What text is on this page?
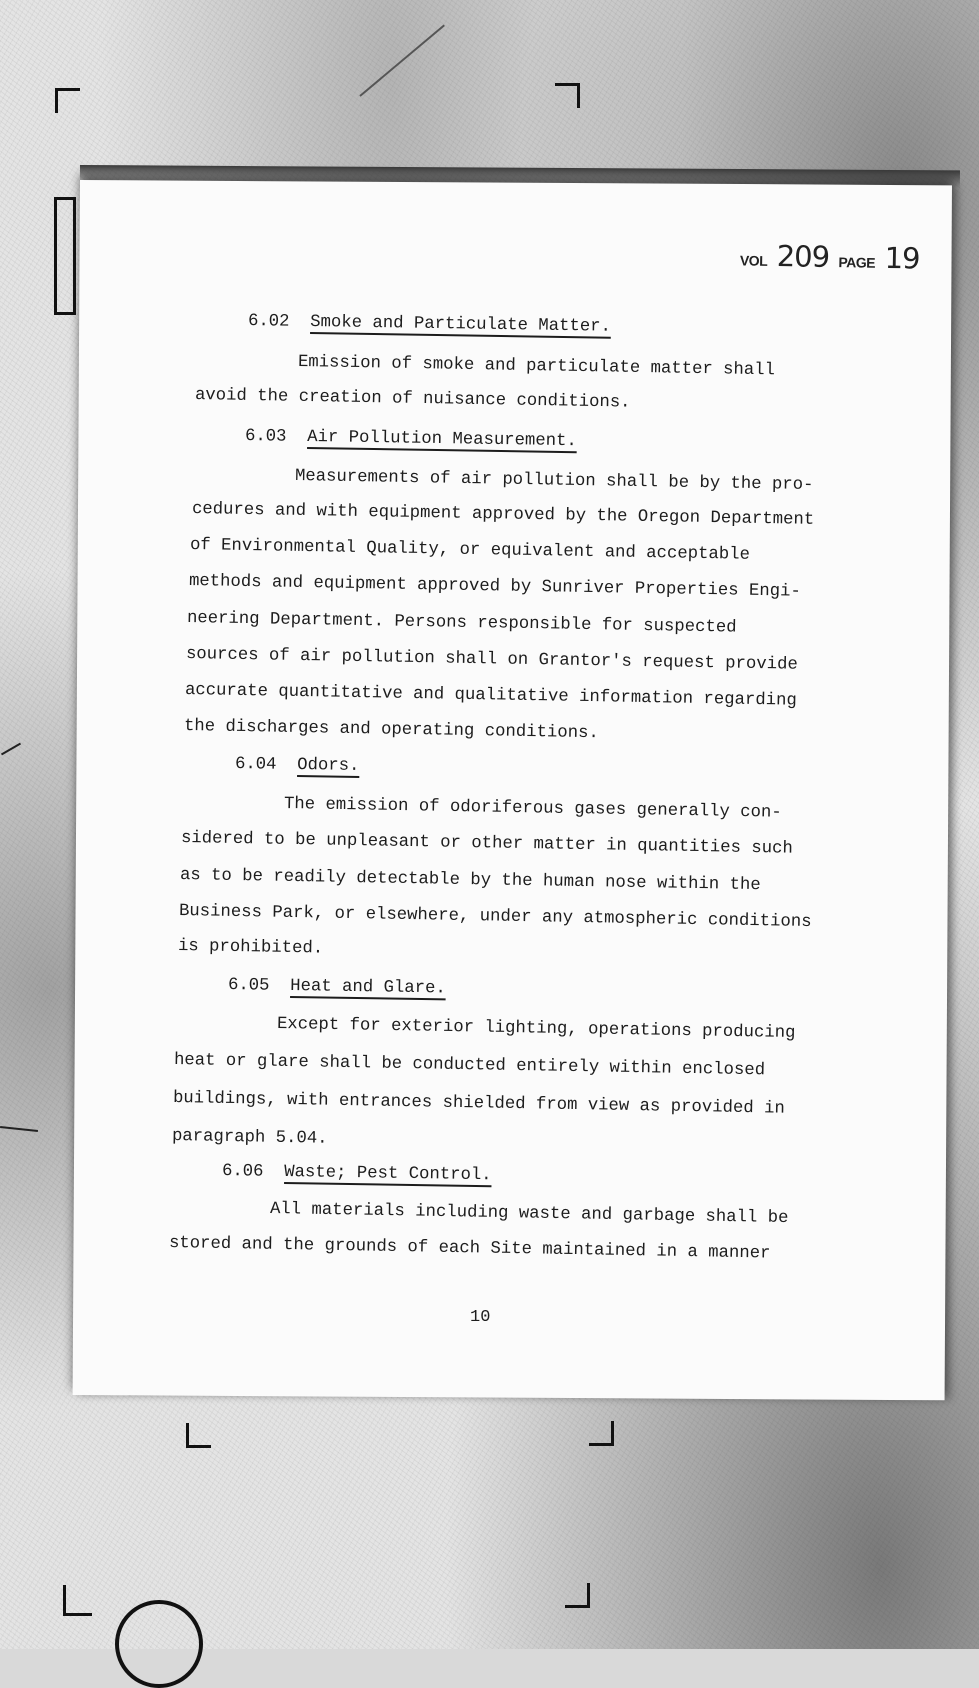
VOL 209 PAGE 19
6.02 Smoke and Particulate Matter.
Emission of smoke and particulate matter shall
avoid the creation of nuisance conditions.
6.03 Air Pollution Measurement.
Measurements of air pollution shall be by the pro-
cedures and with equipment approved by the Oregon Department
of Environmental Quality, or equivalent and acceptable
methods and equipment approved by Sunriver Properties Engi-
neering Department. Persons responsible for suspected
sources of air pollution shall on Grantor's request provide
accurate quantitative and qualitative information regarding
the discharges and operating conditions.
6.04 Odors.
The emission of odoriferous gases generally con-
sidered to be unpleasant or other matter in quantities such
as to be readily detectable by the human nose within the
Business Park, or elsewhere, under any atmospheric conditions
is prohibited.
6.05 Heat and Glare.
Except for exterior lighting, operations producing
heat or glare shall be conducted entirely within enclosed
buildings, with entrances shielded from view as provided in
paragraph 5.04.
6.06 Waste; Pest Control.
All materials including waste and garbage shall be
stored and the grounds of each Site maintained in a manner
10
